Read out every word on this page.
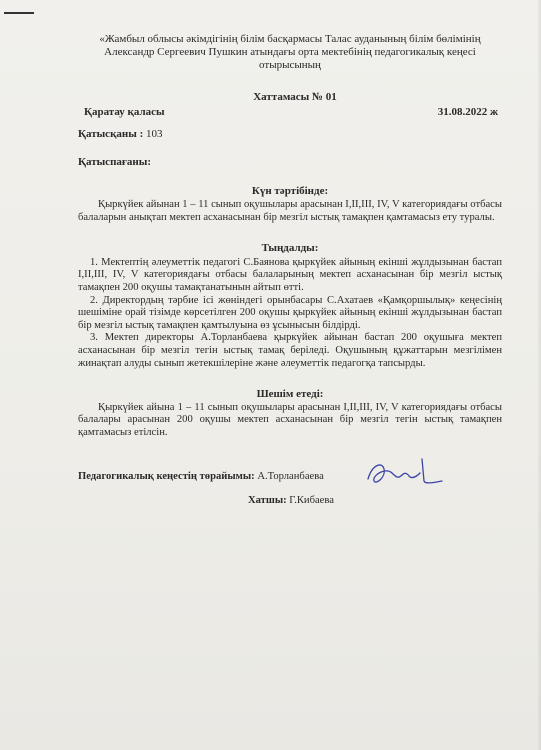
«Жамбыл облысы әкімдігінің білім басқармасы Талас ауданының білім бөлімінің Александр Сергеевич Пушкин атындағы орта мектебінің педагогикалық кеңесі отырысының

Хаттамасы № 01
Қаратау қаласы	31.08.2022 ж
Қатысқаны : 103
Қатыспағаны:
Күн тәртібінде:

Қыркүйек айынан 1 – 11 сынып оқушылары арасынан I,II,III, IV, V категориядағы отбасы балаларын анықтап мектеп асханасынан бір мезгіл ыстық тамақпен қамтамасыз ету туралы.

Тыңдалды:
1. Мектептің әлеуметтік педагогі С.Баянова қыркүйек айының екінші жұлдызынан бастап I,II,III, IV, V категориядағы отбасы балаларының мектеп асханасынан бір мезгіл ыстық тамақпен 200 оқушы тамақтанатынын айтып өтті.
2. Директордың тәрбие ісі жөніндегі орынбасары С.Ахатаев «Қамқоршылық» кеңесінің шешіміне орай тізімде көрсетілген 200 оқушы қыркүйек айының екінші жұлдызынан бастап бір мезгіл ыстық тамақпен қамтылуына өз ұсынысын білдірді.
3. Мектеп директоры А.Торланбаева қыркүйек айынан бастап 200 оқушыға мектеп асханасынан бір мезгіл тегін ыстық тамақ беріледі. Оқушының құжаттарын мезгілімен жинақтап алуды сынып жетекшілеріне және әлеуметтік педагогқа тапсырды.
Шешім етеді:

Қыркүйек айына 1 – 11 сынып оқушылары арасынан I,II,III, IV, V категориядағы отбасы балалары арасынан 200 оқушы мектеп асханасынан бір мезгіл тегін ыстық тамақпен қамтамасыз етілсін.

Педагогикалық кеңестің төрайымы: А.Торланбаева
Хатшы: Г.Кибаева
